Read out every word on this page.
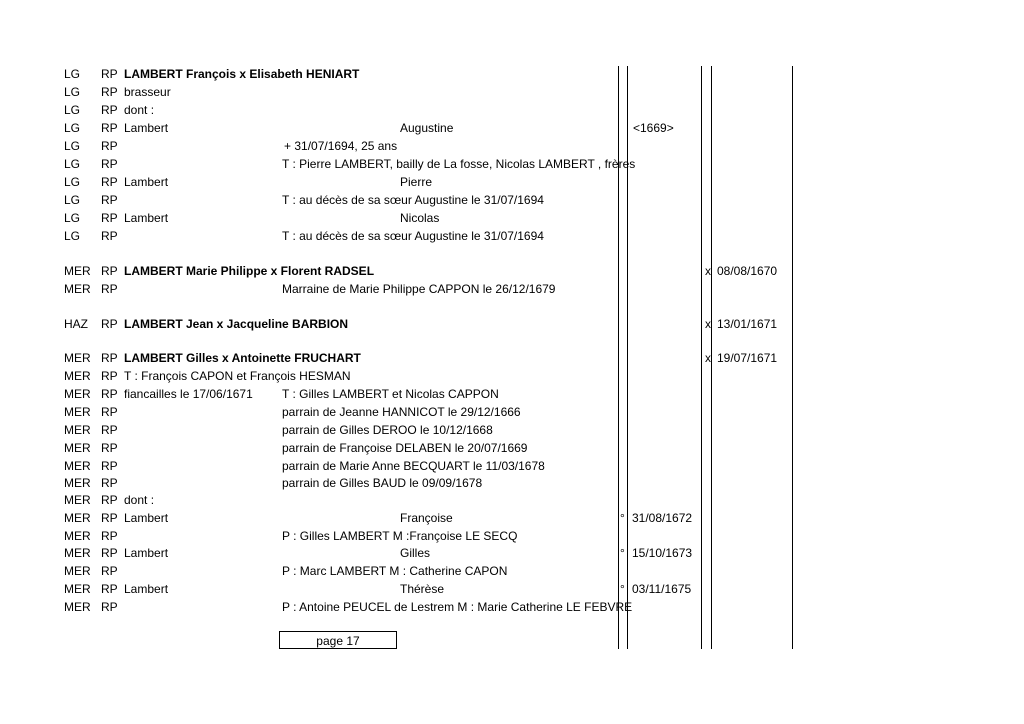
LG RP LAMBERT François x Elisabeth HENIART
LG RP brasseur
LG RP dont :
LG RP Lambert	Augustine	<1669>
LG RP	+ 31/07/1694, 25 ans
LG RP	T : Pierre LAMBERT, bailly de La fosse, Nicolas LAMBERT , frères
LG RP Lambert	Pierre
LG RP	T : au décès de sa sœur Augustine le 31/07/1694
LG RP Lambert	Nicolas
LG RP	T : au décès de sa sœur Augustine le 31/07/1694
MER RP LAMBERT Marie Philippe x Florent RADSEL	x 08/08/1670
MER RP	Marraine de Marie Philippe CAPPON le 26/12/1679
HAZ RP LAMBERT Jean x Jacqueline BARBION	x 13/01/1671
MER RP LAMBERT Gilles x Antoinette FRUCHART	x 19/07/1671
MER RP T : François CAPON et François HESMAN
MER RP fiancailles le 17/06/1671 T : Gilles LAMBERT et Nicolas CAPPON
MER RP	parrain de Jeanne HANNICOT le 29/12/1666
MER RP	parrain de Gilles DEROO le 10/12/1668
MER RP	parrain de Françoise DELABEN le 20/07/1669
MER RP	parrain de Marie Anne BECQUART le 11/03/1678
MER RP	parrain de Gilles BAUD le 09/09/1678
MER RP dont :
MER RP Lambert	Françoise	° 31/08/1672
MER RP	P : Gilles LAMBERT M :Françoise LE SECQ
MER RP Lambert	Gilles	° 15/10/1673
MER RP	P : Marc LAMBERT M : Catherine CAPON
MER RP Lambert	Thérèse	° 03/11/1675
MER RP	P : Antoine PEUCEL de Lestrem M : Marie Catherine LE FEBVRE
page 17
